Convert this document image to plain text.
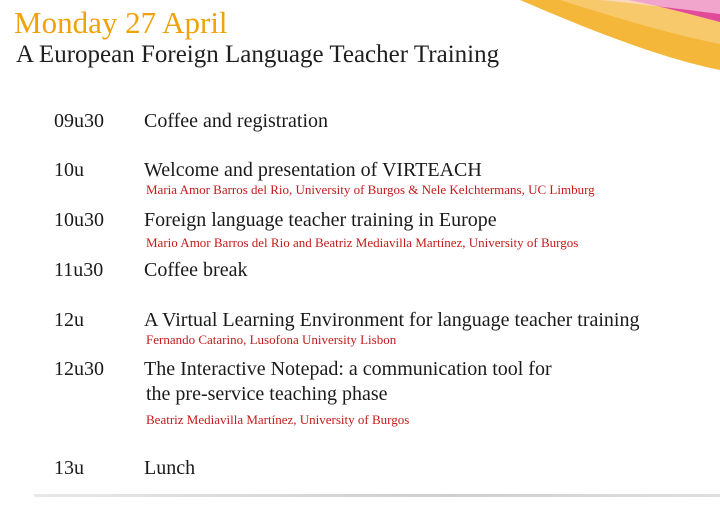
Monday 27 April
A European Foreign Language Teacher Training
09u30 Coffee and registration
10u	Welcome and presentation of VIRTEACH
Maria Amor Barros del Rio, University of Burgos & Nele Kelchtermans, UC Limburg
10u30 Foreign language teacher training in Europe
Mario Amor Barros del Rio and Beatriz Mediavilla Martínez, University of Burgos
11u30 Coffee break
12u	A Virtual Learning Environment for language teacher training
Fernando Catarino, Lusofona University Lisbon
12u30 The Interactive Notepad: a communication tool for
the pre-service teaching phase
Beatriz Mediavilla Martínez, University of Burgos
13u	Lunch
